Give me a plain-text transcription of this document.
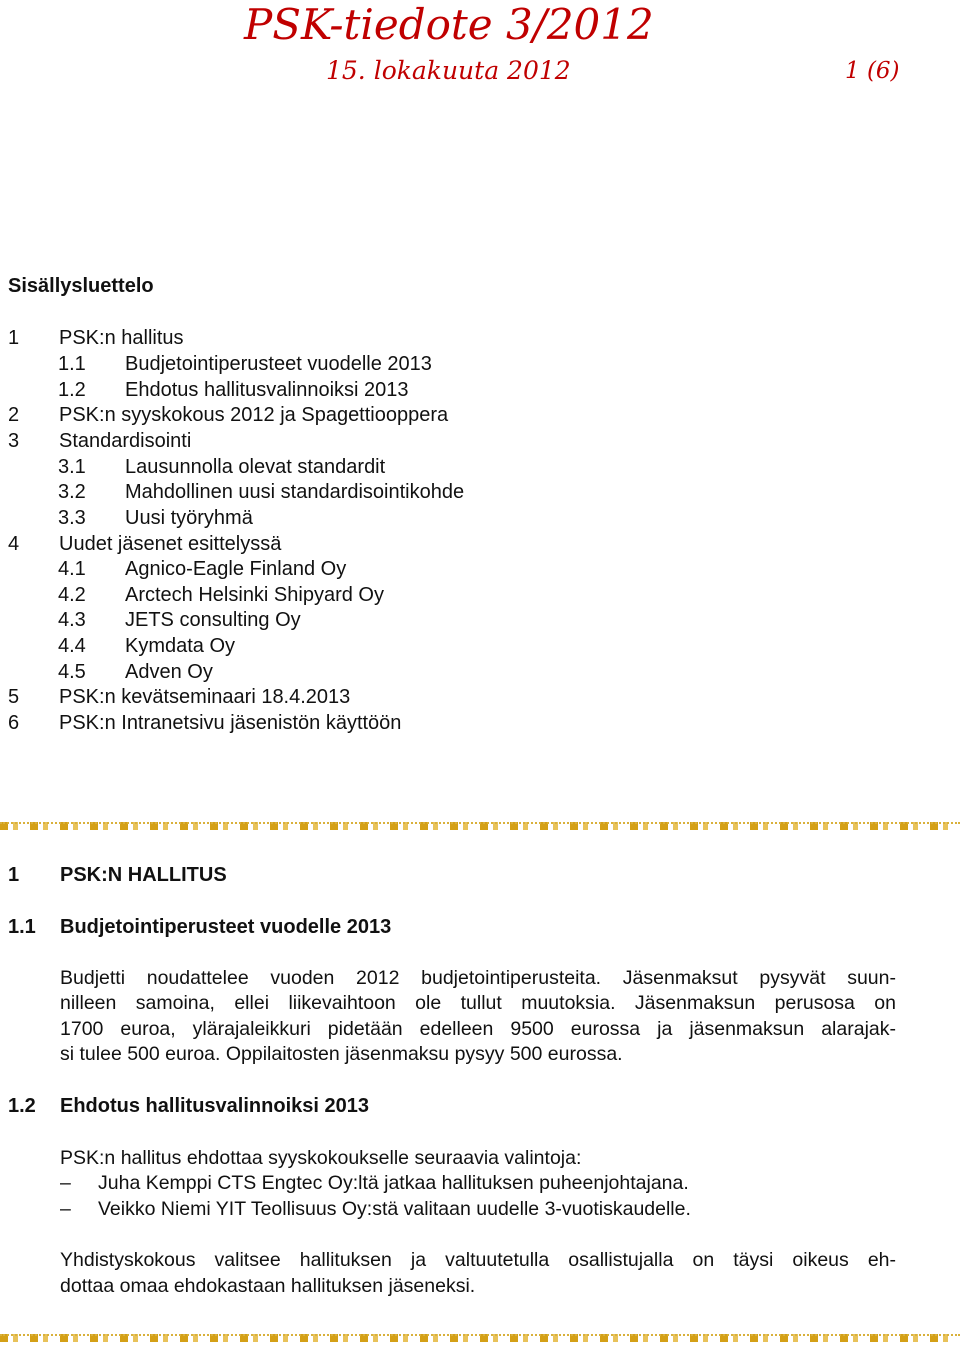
PSK-tiedote 3/2012
15. lokakuuta 2012	1 (6)
Sisällysluettelo
1 PSK:n hallitus
1.1 Budjetointiperusteet vuodelle 2013
1.2 Ehdotus hallitusvalinnoiksi 2013
2 PSK:n syyskokous 2012 ja Spagettiooppera
3 Standardisointi
3.1 Lausunnolla olevat standardit
3.2 Mahdollinen uusi standardisointikohde
3.3 Uusi työryhmä
4 Uudet jäsenet esittelyssä
4.1 Agnico-Eagle Finland Oy
4.2 Arctech Helsinki Shipyard Oy
4.3 JETS consulting Oy
4.4 Kymdata Oy
4.5 Adven Oy
5 PSK:n kevätseminaari 18.4.2013
6 PSK:n Intranetsivu jäsenistön käyttöön
1 PSK:N HALLITUS
1.1 Budjetointiperusteet vuodelle 2013
Budjetti noudattelee vuoden 2012 budjetointiperusteita. Jäsenmaksut pysyvät suun-
nilleen samoina, ellei liikevaihtoon ole tullut muutoksia. Jäsenmaksun perusosa on
1700 euroa, ylärajaleikkuri pidetään edelleen 9500 eurossa ja jäsenmaksun alarajak-
si tulee 500 euroa. Oppilaitosten jäsenmaksu pysyy 500 eurossa.
1.2 Ehdotus hallitusvalinnoiksi 2013
PSK:n hallitus ehdottaa syyskokoukselle seuraavia valintoja:
– Juha Kemppi CTS Engtec Oy:ltä jatkaa hallituksen puheenjohtajana.
– Veikko Niemi YIT Teollisuus Oy:stä valitaan uudelle 3-vuotiskaudelle.
Yhdistyskokous valitsee hallituksen ja valtuutetulla osallistujalla on täysi oikeus eh-
dottaa omaa ehdokastaan hallituksen jäseneksi.
